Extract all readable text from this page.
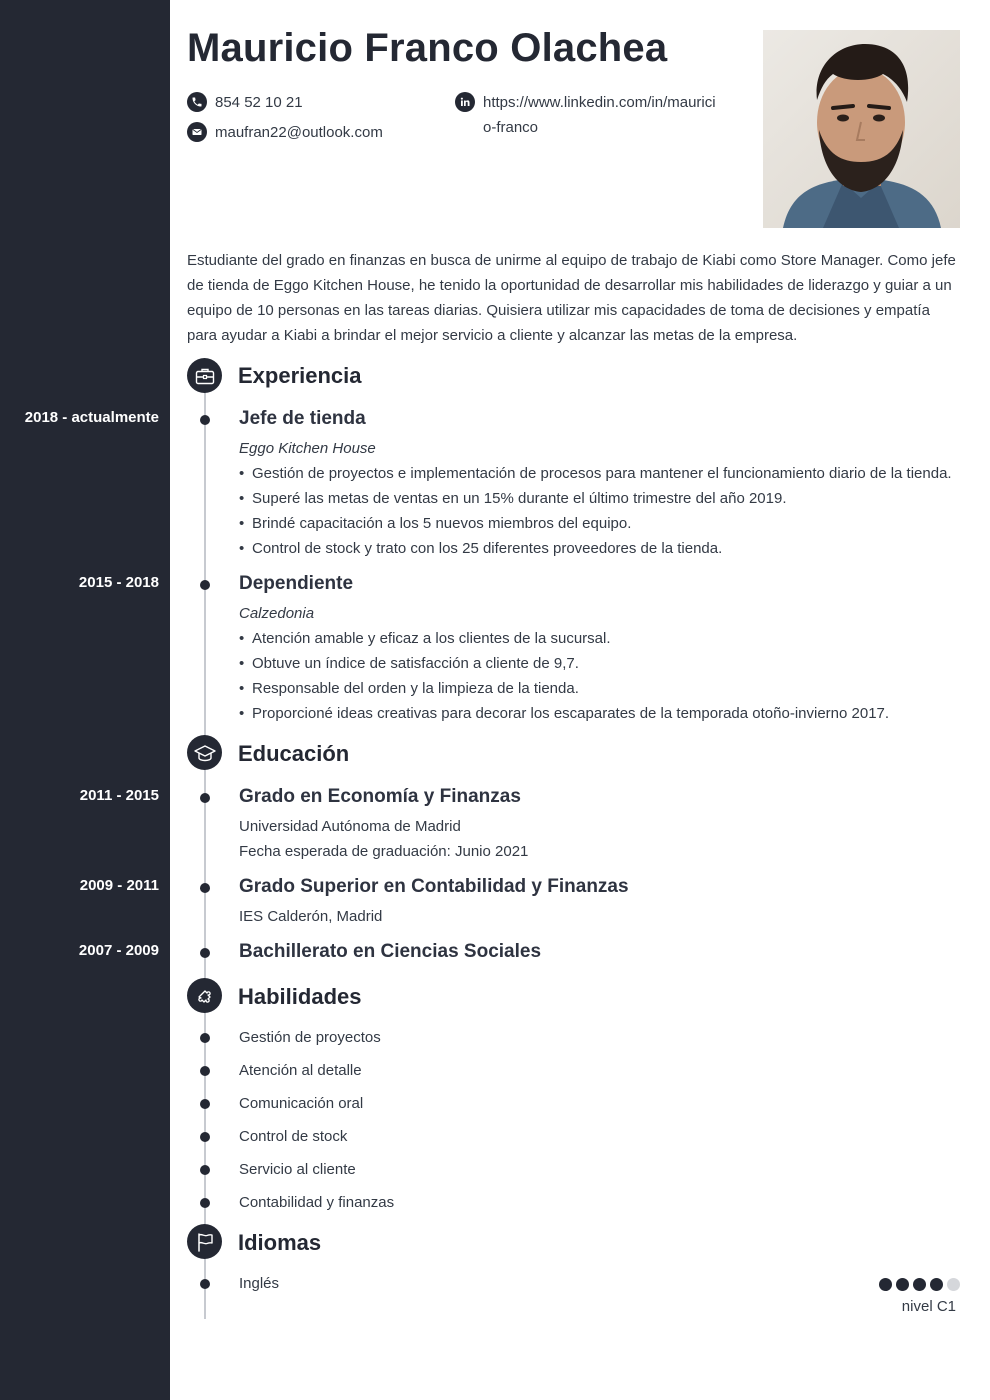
Mauricio Franco Olachea
854 52 10 21
maufran22@outlook.com
https://www.linkedin.com/in/maurici
o-franco

Estudiante del grado en finanzas en busca de unirme al equipo de trabajo de Kiabi como Store Manager. Como jefe de tienda de Eggo Kitchen House, he tenido la oportunidad de desarrollar mis habilidades de liderazgo y guiar a un equipo de 10 personas en las tareas diarias. Quisiera utilizar mis capacidades de toma de decisiones y empatía para ayudar a Kiabi a brindar el mejor servicio a cliente y alcanzar las metas de la empresa.

Experiencia
2018 - actualmente	Jefe de tienda
Eggo Kitchen House
• Gestión de proyectos e implementación de procesos para mantener el funcionamiento diario de la tienda.
• Superé las metas de ventas en un 15% durante el último trimestre del año 2019.
• Brindé capacitación a los 5 nuevos miembros del equipo.
• Control de stock y trato con los 25 diferentes proveedores de la tienda.
2015 - 2018	Dependiente
Calzedonia
• Atención amable y eficaz a los clientes de la sucursal.
• Obtuve un índice de satisfacción a cliente de 9,7.
• Responsable del orden y la limpieza de la tienda.
• Proporcioné ideas creativas para decorar los escaparates de la temporada otoño-invierno 2017.
Educación
2011 - 2015	Grado en Economía y Finanzas
Universidad Autónoma de Madrid
Fecha esperada de graduación: Junio 2021
2009 - 2011	Grado Superior en Contabilidad y Finanzas
IES Calderón, Madrid
2007 - 2009	Bachillerato en Ciencias Sociales
Habilidades
Gestión de proyectos
Atención al detalle
Comunicación oral
Control de stock
Servicio al cliente
Contabilidad y finanzas
Idiomas
Inglés
nivel C1
